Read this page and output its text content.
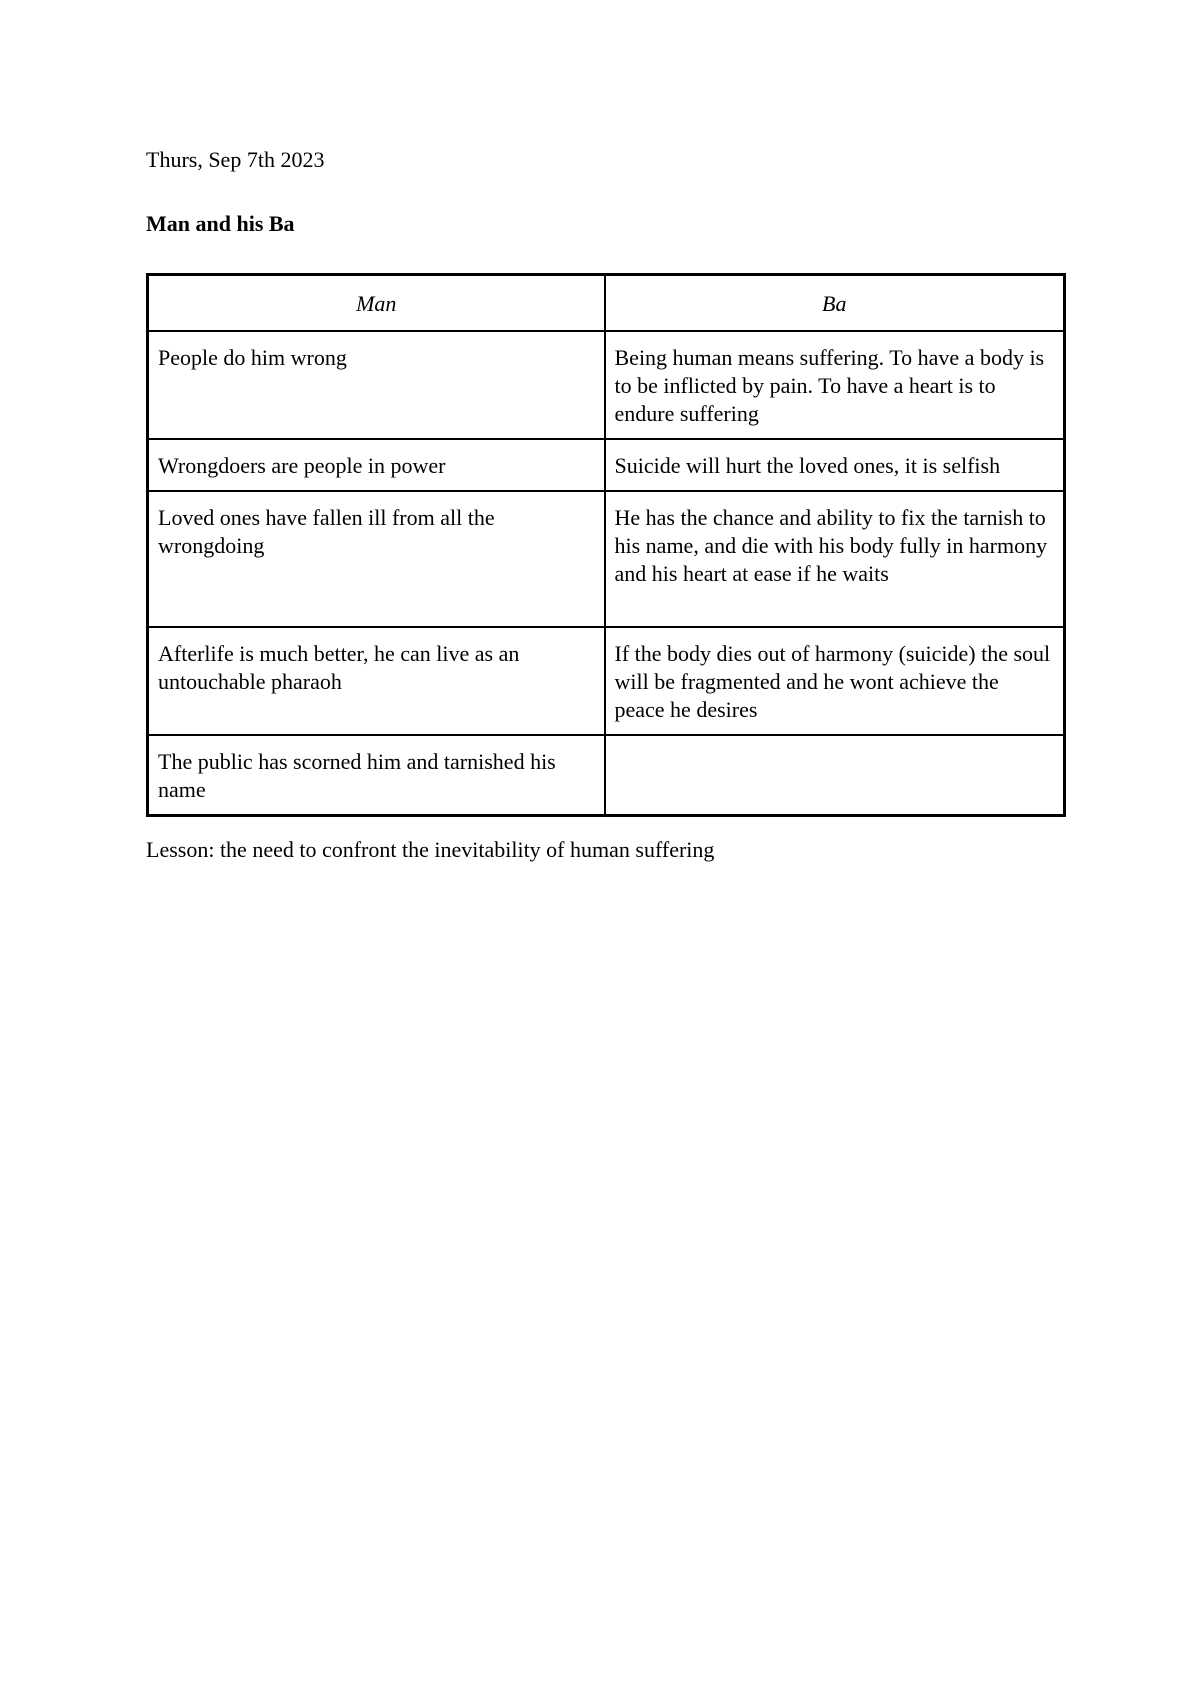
Thurs, Sep 7th 2023
Man and his Ba
Man	Ba
People do him wrong	Being human means suffering. To have a body is to be inflicted by pain. To have a heart is to endure suffering
Wrongdoers are people in power	Suicide will hurt the loved ones, it is selfish
Loved ones have fallen ill from all the wrongdoing	He has the chance and ability to fix the tarnish to his name, and die with his body fully in harmony and his heart at ease if he waits
Afterlife is much better, he can live as an untouchable pharaoh	If the body dies out of harmony (suicide) the soul will be fragmented and he wont achieve the peace he desires
The public has scorned him and tarnished his name	
Lesson: the need to confront the inevitability of human suffering
